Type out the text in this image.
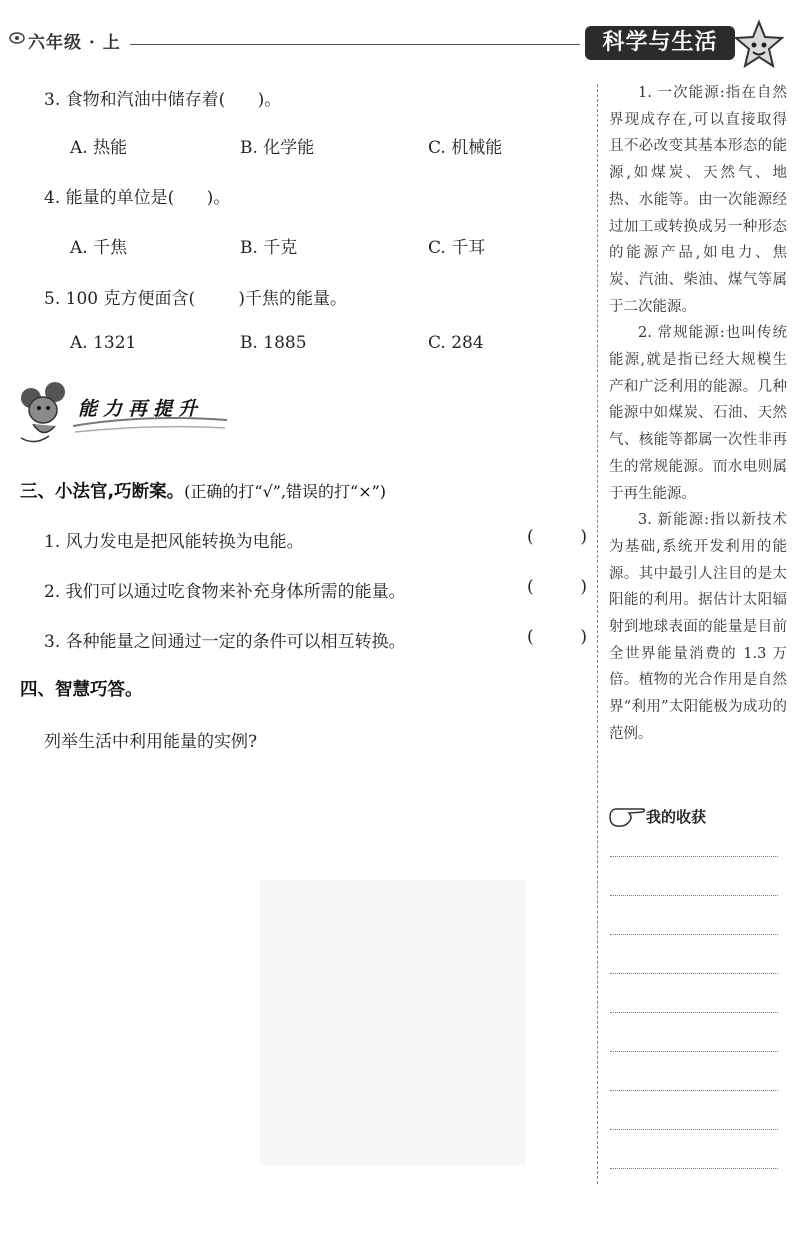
六年级 · 上	科学与生活
3. 食物和汽油中储存着(      )。
A. 热能	B. 化学能	C. 机械能
4. 能量的单位是(      )。
A. 千焦	B. 千克	C. 千耳
5. 100 克方便面含(        )千焦的能量。
A. 1321	B. 1885	C. 284
能力再提升
三、小法官,巧断案。(正确的打“√”,错误的打“×”)
1. 风力发电是把风能转换为电能。	(	)
2. 我们可以通过吃食物来补充身体所需的能量。	(	)
3. 各种能量之间通过一定的条件可以相互转换。	(	)
四、智慧巧答。
列举生活中利用能量的实例?

1. 一次能源:指在自然界现成存在,可以直接取得且不必改变其基本形态的能源,如煤炭、天然气、地热、水能等。由一次能源经过加工或转换成另一种形态的能源产品,如电力、焦炭、汽油、柴油、煤气等属于二次能源。

2. 常规能源:也叫传统能源,就是指已经大规模生产和广泛利用的能源。几种能源中如煤炭、石油、天然气、核能等都属一次性非再生的常规能源。而水电则属于再生能源。

3. 新能源:指以新技术为基础,系统开发利用的能源。其中最引人注目的是太阳能的利用。据估计太阳辐射到地球表面的能量是目前全世界能量消费的 1.3 万倍。植物的光合作用是自然界“利用”太阳能极为成功的范例。

我的收获
